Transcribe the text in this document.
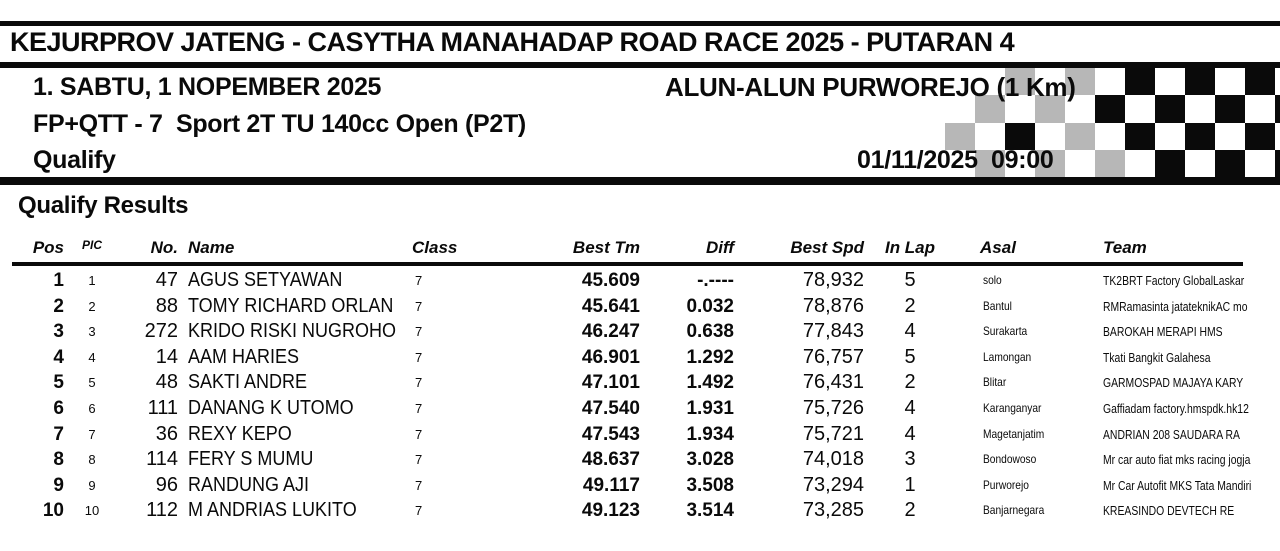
KEJURPROV JATENG - CASYTHA MANAHADAP ROAD RACE 2025 - PUTARAN 4
1. SABTU, 1 NOPEMBER 2025	ALUN-ALUN PURWOREJO (1 Km)
FP+QTT - 7  Sport 2T TU 140cc Open (P2T)
Qualify	01/11/2025  09:00
Qualify Results
Pos	PIC	No. Name	Class	Best Tm	Diff	Best Spd In Lap	Asal	Team
1	1	47 AGUS SETYAWAN	7	45.609	-.----	78,932	5	solo	TK2BRT Factory GlobalLaskar
2	2	88 TOMY RICHARD ORLAN	7	45.641	0.032	78,876	2	Bantul	RMRamasinta jatateknikAC mo
3	3	272 KRIDO RISKI NUGROHO	7	46.247	0.638	77,843	4	Surakarta	BAROKAH MERAPI HMS
4	4	14 AAM HARIES	7	46.901	1.292	76,757	5	Lamongan	Tkati Bangkit Galahesa
5	5	48 SAKTI ANDRE	7	47.101	1.492	76,431	2	Blitar	GARMOSPAD MAJAYA KARY
6	6	111 DANANG K UTOMO	7	47.540	1.931	75,726	4	Karanganyar	Gaffiadam factory.hmspdk.hk12
7	7	36 REXY KEPO	7	47.543	1.934	75,721	4	Magetanjatim	ANDRIAN 208 SAUDARA RA
8	8	114 FERY S MUMU	7	48.637	3.028	74,018	3	Bondowoso	Mr car auto fiat mks racing jogja
9	9	96 RANDUNG AJI	7	49.117	3.508	73,294	1	Purworejo	Mr Car Autofit MKS Tata Mandiri
10	10	112 M ANDRIAS LUKITO	7	49.123	3.514	73,285	2	Banjarnegara	KREASINDO DEVTECH RE
